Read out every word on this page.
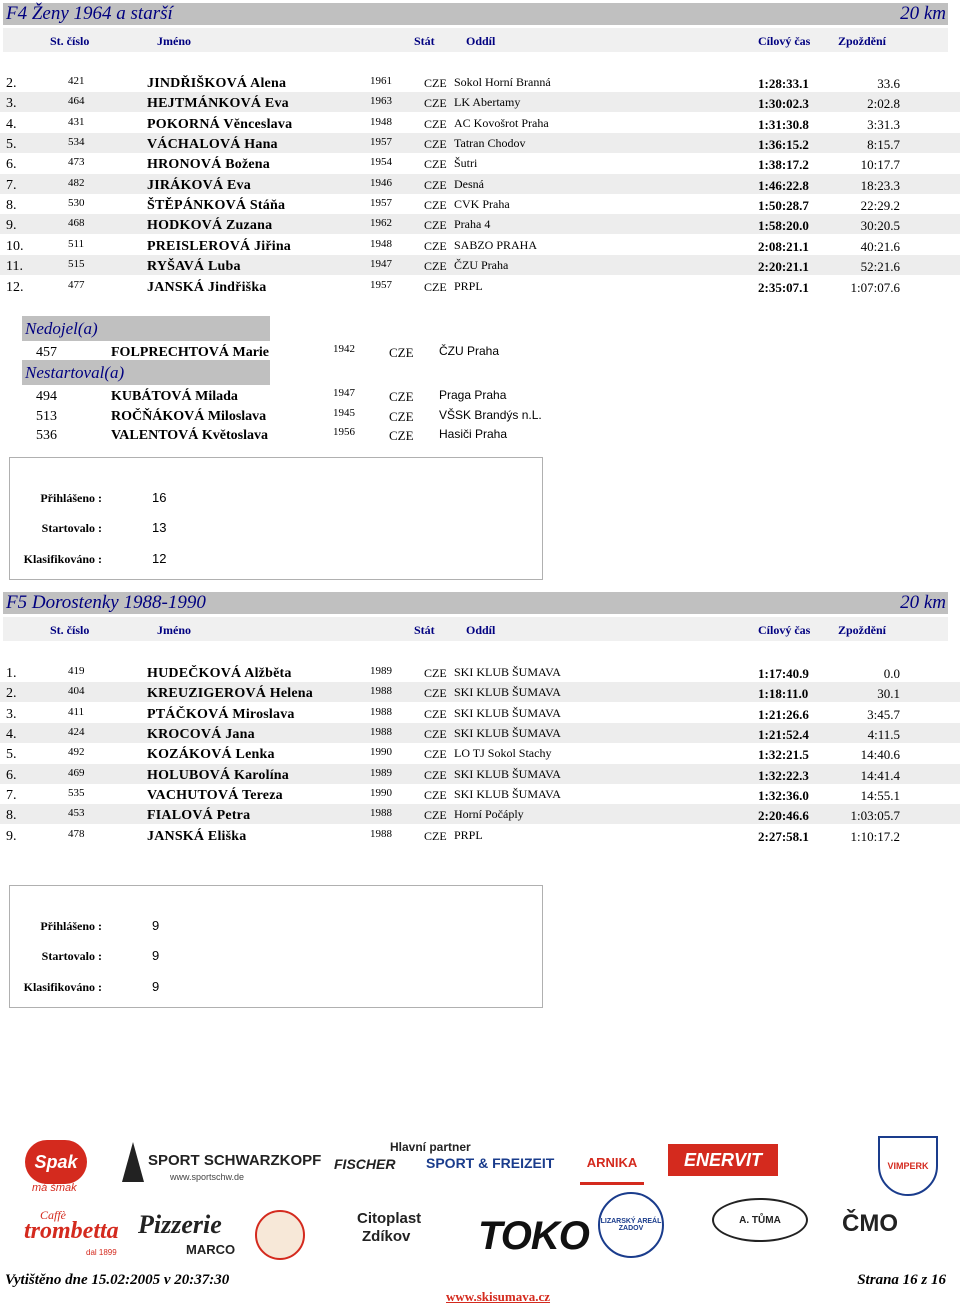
F4 Ženy 1964 a starší	20 km
St. číslo	Jméno	Stát	Oddíl	Cílový čas Zpoždění
2.	421	JINDŘIŠKOVÁ Alena	1961	CZE Sokol Horní Branná	1:28:33.1	33.6
3.	464	HEJTMÁNKOVÁ Eva	1963	CZE LK Abertamy	1:30:02.3	2:02.8
4.	431	POKORNÁ Věnceslava	1948	CZE AC Kovošrot Praha	1:31:30.8	3:31.3
5.	534	VÁCHALOVÁ Hana	1957	CZE Tatran Chodov	1:36:15.2	8:15.7
6.	473	HRONOVÁ Božena	1954	CZE Šutri	1:38:17.2	10:17.7
7.	482	JIRÁKOVÁ Eva	1946	CZE Desná	1:46:22.8	18:23.3
8.	530	ŠTĚPÁNKOVÁ Stáňa	1957	CZE CVK Praha	1:50:28.7	22:29.2
9.	468	HODKOVÁ Zuzana	1962	CZE Praha 4	1:58:20.0	30:20.5
10.	511	PREISLEROVÁ Jiřina	1948	CZE SABZO PRAHA	2:08:21.1	40:21.6
11.	515	RYŠAVÁ Luba	1947	CZE ČZU Praha	2:20:21.1	52:21.6
12.	477	JANSKÁ Jindřiška	1957	CZE PRPL	2:35:07.1	1:07:07.6
Nedojel(a)
457	FOLPRECHTOVÁ Marie	1942	CZE ČZU Praha
Nestartoval(a)
494	KUBÁTOVÁ Milada	1947	CZE Praga Praha
513	ROČŇÁKOVÁ Miloslava	1945	CZE VŠSK Brandýs n.L.
536	VALENTOVÁ Květoslava	1956	CZE Hasiči Praha
Přihlášeno :	16
Startovalo :	13
Klasifikováno :	12
F5 Dorostenky 1988-1990	20 km
St. číslo	Jméno	Stát	Oddíl	Cílový čas Zpoždění
1.	419	HUDEČKOVÁ Alžběta	1989	CZE SKI KLUB ŠUMAVA	1:17:40.9	0.0
2.	404	KREUZIGEROVÁ Helena	1988	CZE SKI KLUB ŠUMAVA	1:18:11.0	30.1
3.	411	PTÁČKOVÁ Miroslava	1988	CZE SKI KLUB ŠUMAVA	1:21:26.6	3:45.7
4.	424	KROCOVÁ Jana	1988	CZE SKI KLUB ŠUMAVA	1:21:52.4	4:11.5
5.	492	KOZÁKOVÁ Lenka	1990	CZE LO TJ Sokol Stachy	1:32:21.5	14:40.6
6.	469	HOLUBOVÁ Karolína	1989	CZE SKI KLUB ŠUMAVA	1:32:22.3	14:41.4
7.	535	VACHUTOVÁ Tereza	1990	CZE SKI KLUB ŠUMAVA	1:32:36.0	14:55.1
8.	453	FIALOVÁ Petra	1988	CZE Horní Počáply	2:20:46.6	1:03:05.7
9.	478	JANSKÁ Eliška	1988	CZE PRPL	2:27:58.1	1:10:17.2
Přihlášeno :	9
Startovalo :	9
Klasifikováno :	9
Spak
má šmak
SPORT SCHWARZKOPF
www.sportschw.de
Hlavní partner
FISCHER SPORT & FREIZEIT	ARNIKA	ENERVIT	VIMPERK
Caffè
trombetta
dal 1899
Pizzerie
MARCO
Citoplast
Zdíkov TOKO	LIZARSKÝ AREÁL ZADOV
A. TŮMA	ČMO
Vytištěno dne 15.02:2005 v 20:37:30	Strana 16 z 16
www.skisumava.cz
